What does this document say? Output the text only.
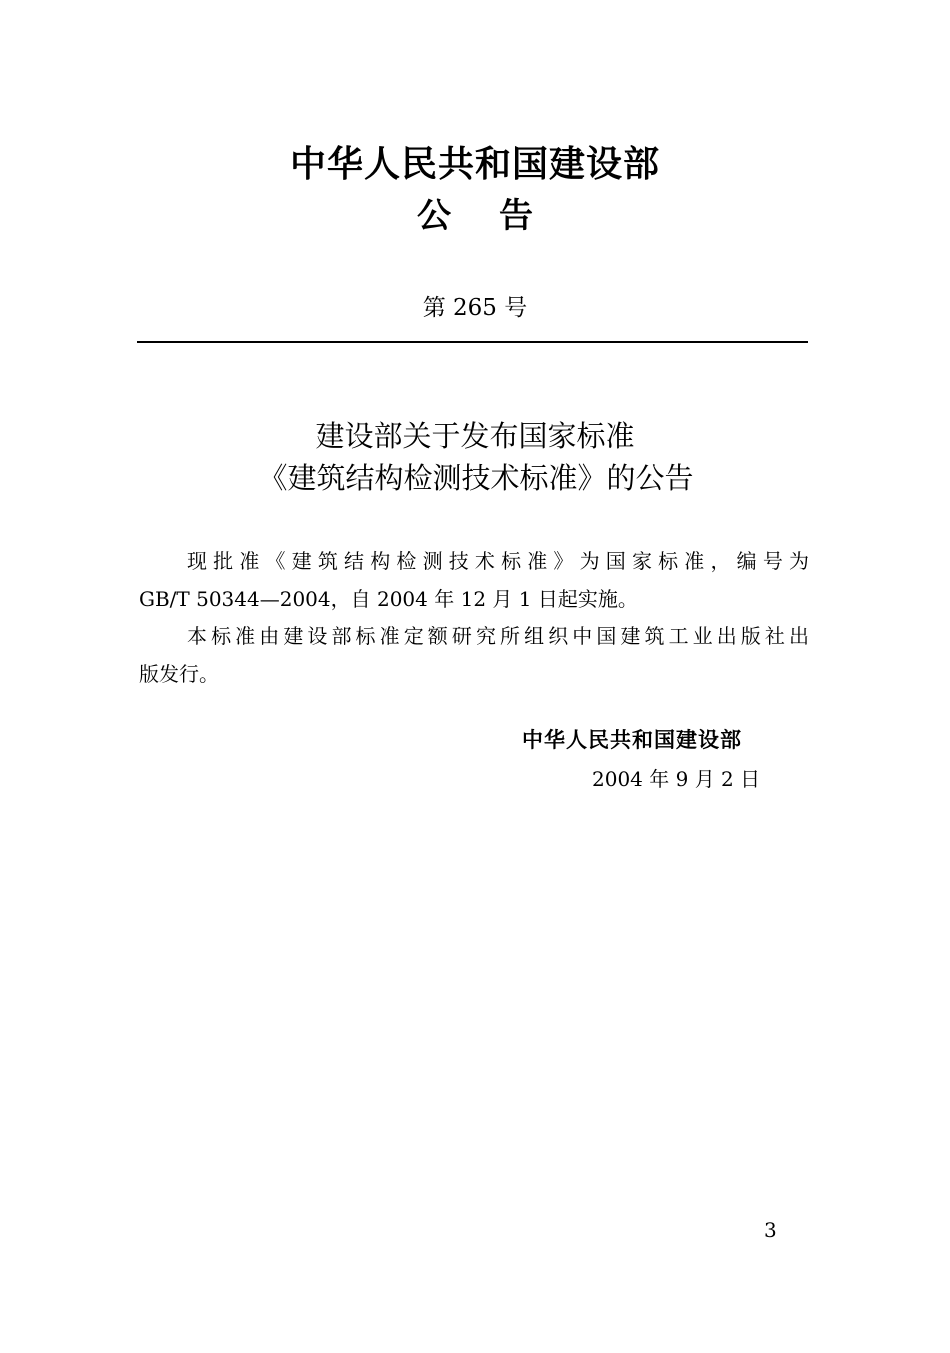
中华人民共和国建设部
公告
第 265 号
建设部关于发布国家标准
《建筑结构检测技术标准》的公告
现批准《建筑结构检测技术标准》为国家标准，编号为
GB/T 50344—2004，自 2004 年 12 月 1 日起实施。
本标准由建设部标准定额研究所组织中国建筑工业出版社出
版发行。
中华人民共和国建设部
2004 年 9 月 2 日
3
